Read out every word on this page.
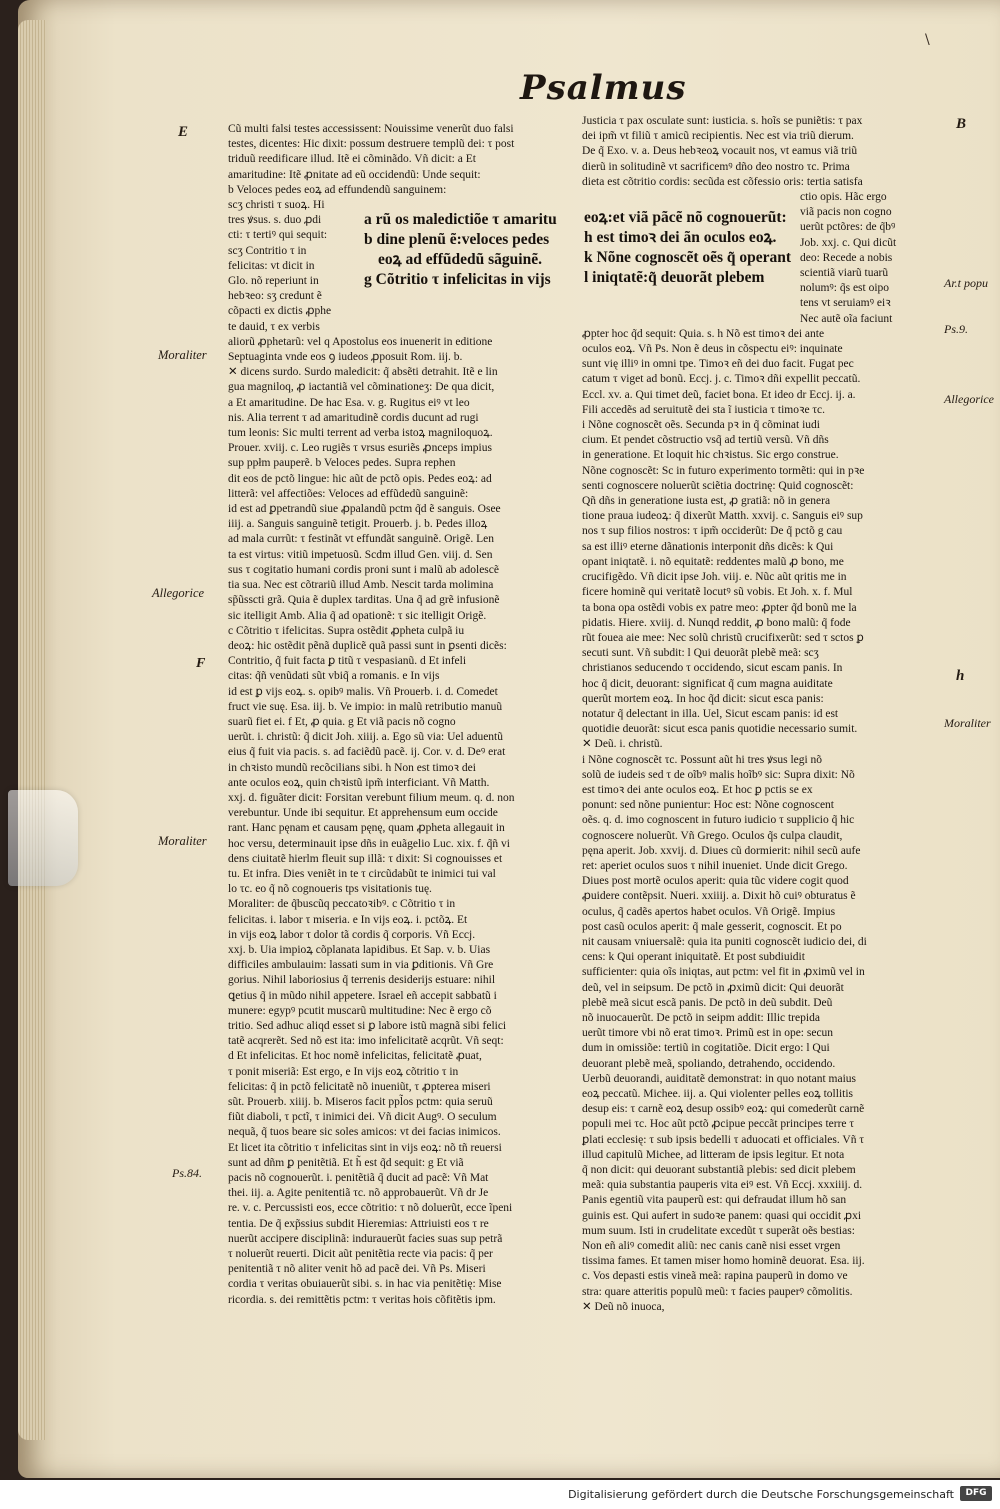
\
Psalmus
E
Moraliter
Allegorice
F
Moraliter
Ps.84.
B
Ar.t popu
Ps.9.
Allegorice
h
Moraliter
a rũ os maledictiõe τ amaritu
b dine plenũ ẽ:veloces pedes
eoꝝ ad effũdedũ sãguinẽ.
g Cõtritio τ infelicitas in vijs
eoꝝ:et viã pãcẽ nõ cognouerũt:
h est timoꝛ dei ãn oculos eoꝝ.
k Nõne cognoscẽt oẽs q̃ operant
l iniqtatẽ:q̃ deuorãt plebem
Cũ multi falsi testes accessissent: Nouissime venerũt duo falsi
testes, dicentes: Hic dixit: possum destruere templũ dei: τ post
triduũ reedificare illud. Itẽ ei cõminãdo. Vñ dicit: a Et
amaritudine: Itẽ ꝓnitate ad eũ occidendũ: Unde sequit:
b Veloces pedes eoꝝ ad effundendũ sanguinem:
scʒ christi τ suoꝝ. Hi
tres ꝟsus. s. duo ꝓdi
cti: τ tertiꝰ qui sequit:
scʒ Contritio τ in
felicitas: vt dicit in
Glo. nõ reperiunt in
hebꝛeo: sʒ credunt ẽ
cõpacti ex dictis ꝓphe
te dauid, τ ex verbis
aliorũ ꝓphetarũ: vel q Apostolus eos inuenerit in editione
Septuaginta vnde eos ꝯ iudeos ꝓposuit Rom. iij. b.
✕ dicens surdo. Surdo maledicit: q̃ absẽti detrahit. Itẽ e lin
gua magniloq, ꝓ iactantiã vel cõminationeʒ: De qua dicit,
a Et amaritudine. De hac Esa. v. g. Rugitus eiꝰ vt leo
nis. Alia terrent τ ad amaritudinẽ cordis ducunt ad rugi
tum leonis: Sic multi terrent ad verba istoꝝ magniloquoꝝ.
Prouer. xviij. c. Leo rugiẽs τ vrsus esuriẽs ꝓnceps impius
sup ppłm pauperẽ. b Veloces pedes. Supra rephen
dit eos de pctõ lingue: hic aũt de pctõ opis. Pedes eoꝝ: ad
litterã: vel affectiões: Veloces ad effũdedũ sanguinẽ:
id est ad ꝑpetrandũ siue ꝓpalandũ pctm q̃d ẽ sanguis. Osee
iiij. a. Sanguis sanguinẽ tetigit. Prouerb. j. b. Pedes illoꝝ
ad mala currũt: τ festinãt vt effundãt sanguinẽ. Origẽ. Len
ta est virtus: vitiũ impetuosũ. Scdm illud Gen. viij. d. Sen
sus τ cogitatio humani cordis proni sunt i malũ ab adolescẽ
tia sua. Nec est cõtrariũ illud Amb. Nescit tarda molimina
sp̃ũsscti grã. Quia ẽ duplex tarditas. Una q̃ ad grẽ infusionẽ
sic itelligit Amb. Alia q̃ ad opationẽ: τ sic itelligit Origẽ.
c Cõtritio τ ifelicitas. Supra ostẽdit ꝓpheta culpã iu
deoꝝ: hic ostẽdit pẽnã duplicẽ quã passi sunt in ꝑsenti dicẽs:
Contritio, q̃ fuit facta ꝑ titũ τ vespasianũ. d Et infeli
citas: q̃ñ venũdati sũt vbiq̃ a romanis. e In vijs
id est ꝑ vijs eoꝝ. s. opibꝰ malis. Vñ Prouerb. i. d. Comedet
fruct vie suę. Esa. iij. b. Ve impio: in malũ retributio manuũ
suarũ fiet ei. f Et, ꝓ quia. g Et viã pacis nõ cogno
uerũt. i. christũ: q̃ dicit Joh. xiiij. a. Ego sũ via: Uel aduentũ
eius q̃ fuit via pacis. s. ad faciẽdũ pacẽ. ij. Cor. v. d. Deꝰ erat
in chꝛisto mundũ recõcilians sibi. h Non est timoꝛ dei
ante oculos eoꝝ, quin chꝛistũ ipm̃ interficiant. Vñ Matth.
xxj. d. figuãter dicit: Forsitan verebunt filium meum. q. d. non
verebuntur. Unde ibi sequitur. Et apprehensum eum occide
rant. Hanc pęnam et causam pęnę, quam ꝓpheta allegauit in
hoc versu, determinauit ipse dñs in euãgelio Luc. xix. f. q̃ñ vi
dens ciuitatẽ hierlm fleuit sup illã: τ dixit: Si cognouisses et
tu. Et infra. Dies veniẽt in te τ circũdabũt te inimici tui val
lo τc. eo q̃ nõ cognoueris tps visitationis tuę.
Moraliter: de q̃buscũq peccatoꝛibꝰ. c Cõtritio τ in
felicitas. i. labor τ miseria. e In vijs eoꝝ. i. pctõꝝ. Et
in vijs eoꝝ labor τ dolor tã cordis q̃ corporis. Vñ Eccj.
xxj. b. Uia impioꝝ cõplanata lapidibus. Et Sap. v. b. Uias
difficiles ambulauim: lassati sum in via ꝑditionis. Vñ Gre
gorius. Nihil laboriosius q̃ terrenis desiderijs estuare: nihil
ꝗetius q̃ in mũdo nihil appetere. Israel eñ accepit sabbatũ i
munere: egypꝰ pcutit muscarũ multitudine: Nec ẽ ergo cõ
tritio. Sed adhuc aliqd esset si ꝑ labore istũ magnã sibi felici
tatẽ acqrerẽt. Sed nõ est ita: imo infelicitatẽ acqrũt. Vñ seqt:
d Et infelicitas. Et hoc nomẽ infelicitas, felicitatẽ ꝓuat,
τ ponit miseriã: Est ergo, e In vijs eoꝝ cõtritio τ in
felicitas: q̃ in pctõ felicitatẽ nõ inueniũt, τ ꝓpterea miseri
sũt. Prouerb. xiiij. b. Miseros facit ppl̃os pctm: quia seruũ
fiũt diaboli, τ pctĩ, τ inimici dei. Vñ dicit Augꝰ. O seculum
nequã, q̃ tuos beare sic soles amicos: vt dei facias inimicos.
Et licet ita cõtritio τ infelicitas sint in vijs eoꝝ: nõ tñ reuersi
sunt ad dñm ꝑ penitẽtiã. Et h̃ est q̃d sequit: g Et viã
pacis nõ cognouerũt. i. penitẽtiã q̃ ducit ad pacẽ: Vñ Mat
thei. iij. a. Agite penitentiã τc. nõ approbauerũt. Vñ dr Je
re. v. c. Percussisti eos, ecce cõtritio: τ nõ doluerũt, ecce ĩpeni
tentia. De q̃ exp̃ssius subdit Hieremias: Attriuisti eos τ re
nuerũt accipere disciplinã: indurauerũt facies suas sup petrã
τ noluerũt reuerti. Dicit aũt penitẽtia recte via pacis: q̃ per
penitentiã τ nõ aliter venit hõ ad pacẽ dei. Vñ Ps. Miseri
cordia τ veritas obuiauerũt sibi. s. in hac via penitẽtię: Mise
ricordia. s. dei remittẽtis pctm: τ veritas hois cõfitẽtis ipm.
Justicia τ pax osculate sunt: iusticia. s. hoĩs se puniẽtis: τ pax
dei ipm̃ vt filiũ τ amicũ recipientis. Nec est via triũ dierum.
De q̃ Exo. v. a. Deus hebꝛeoꝝ vocauit nos, vt eamus viã triũ
dierũ in solitudinẽ vt sacrificemꝰ dño deo nostro τc. Prima
dieta est cõtritio cordis: secũda est cõfessio oris: tertia satisfa
ctio opis. Hãc ergo
viã pacis non cogno
uerũt pctõres: de q̃bꝰ
Job. xxj. c. Qui dicũt
deo: Recede a nobis
scientiã viarũ tuarũ
nolumꝰ: q̃s est oipo
tens vt seruiamꝰ eiꝛ
Nec autẽ oĩa faciunt
ꝓpter hoc q̃d sequit: Quia. s. h Nõ est timoꝛ dei ante
oculos eoꝝ. Vñ Ps. Non ẽ deus in cõspectu eiꝰ: inquinate
sunt vię illiꝰ in omni tpe. Timoꝛ eñ dei duo facit. Fugat pec
catum τ viget ad bonũ. Eccj. j. c. Timoꝛ dñi expellit peccatũ.
Eccl. xv. a. Qui timet deũ, faciet bona. Et ideo dr Eccj. ij. a.
Fili accedẽs ad seruitutẽ dei sta ĩ iusticia τ timoꝛe τc.
i Nõne cognoscẽt oẽs. Secunda pꝛ in q̃ cõminat iudi
cium. Et pendet cõstructio vsq̃ ad tertiũ versũ. Vñ dñs
in generatione. Et loquit hic chꝛistus. Sic ergo construe.
Nõne cognoscẽt: Sc in futuro experimento tormẽti: qui in pꝛe
senti cognoscere noluerũt sciẽtia doctrinę: Quid cognoscẽt:
Qñ dñs in generatione iusta est, ꝓ gratiã: nõ in genera
tione praua iudeoꝝ: q̃ dixerũt Matth. xxvij. c. Sanguis eiꝰ sup
nos τ sup filios nostros: τ ipm̃ occiderũt: De q̃ pctõ g cau
sa est illiꝰ eterne dãnationis interponit dñs dicẽs: k Qui
opant iniqtatẽ. i. nõ equitatẽ: reddentes malũ ꝓ bono, me
crucifigẽdo. Vñ dicit ipse Joh. viij. e. Nũc aũt qritis me in
ficere hominẽ qui veritatẽ locutꝰ sũ vobis. Et Joh. x. f. Mul
ta bona opa ostẽdi vobis ex patre meo: ꝓpter q̃d bonũ me la
pidatis. Hiere. xviij. d. Nunqd reddit, ꝓ bono malũ: q̃ fode
rũt fouea aie mee: Nec solũ christũ crucifixerũt: sed τ sctos ꝑ
secuti sunt. Vñ subdit: l Qui deuorãt plebẽ meã: scʒ
christianos seducendo τ occidendo, sicut escam panis. In
hoc q̃ dicit, deuorant: significat q̃ cum magna auiditate
querũt mortem eoꝝ. In hoc q̃d dicit: sicut esca panis:
notatur q̃ delectant in illa. Uel, Sicut escam panis: id est
quotidie deuorãt: sicut esca panis quotidie necessario sumit.
✕ Deũ. i. christũ.
i Nõne cognoscẽt τc. Possunt aũt hi tres ꝟsus legi nõ
solũ de iudeis sed τ de oĩbꝰ malis hoĩbꝰ sic: Supra dixit: Nõ
est timoꝛ dei ante oculos eoꝝ. Et hoc ꝑ pctis se ex
ponunt: sed nõne punientur: Hoc est: Nõne cognoscent
oẽs. q. d. imo cognoscent in futuro iudicio τ supplicio q̃ hic
cognoscere noluerũt. Vñ Grego. Oculos q̃s culpa claudit,
pęna aperit. Job. xxvij. d. Diues cũ dormierit: nihil secũ aufe
ret: aperiet oculos suos τ nihil inueniet. Unde dicit Grego.
Diues post mortẽ oculos aperit: quia tũc videre cogit quod
ꝓuidere contẽpsit. Nueri. xxiiij. a. Dixit hõ cuiꝰ obturatus ẽ
oculus, q̃ cadẽs apertos habet oculos. Vñ Origẽ. Impius
post casũ oculos aperit: q̃ male gesserit, cognoscit. Et po
nit causam vniuersalẽ: quia ita puniti cognoscẽt iudicio dei, di
cens: k Qui operant iniquitatẽ. Et post subdiuidit
sufficienter: quia oĩs iniqtas, aut pctm: vel fit in ꝓximũ vel in
deũ, vel in seipsum. De pctõ in ꝓximũ dicit: Qui deuorãt
plebẽ meã sicut escã panis. De pctõ in deũ subdit. Deũ
nõ inuocauerũt. De pctõ in seipm addit: Illic trepida
uerũt timore vbi nõ erat timoꝛ. Primũ est in ope: secun
dum in omissiõe: tertiũ in cogitatiõe. Dicit ergo: l Qui
deuorant plebẽ meã, spoliando, detrahendo, occidendo.
Uerbũ deuorandi, auiditatẽ demonstrat: in quo notant maius
eoꝝ peccatũ. Michee. iij. a. Qui violenter pelles eoꝝ tollitis
desup eis: τ carnẽ eoꝝ desup ossibꝰ eoꝝ: qui comederũt carnẽ
populi mei τc. Hoc aũt pctõ ꝓcipue peccãt principes terre τ
ꝑlati ecclesię: τ sub ipsis bedelli τ aduocati et officiales. Vñ τ
illud capitulũ Michee, ad litteram de ipsis legitur. Et nota
q̃ non dicit: qui deuorant substantiã plebis: sed dicit plebem
meã: quia substantia pauperis vita eiꝰ est. Vñ Eccj. xxxiiij. d.
Panis egentiũ vita pauperũ est: qui defraudat illum hõ san
guinis est. Qui aufert in sudoꝛe panem: quasi qui occidit ꝓxi
mum suum. Isti in crudelitate excedũt τ superãt oẽs bestias:
Non eñ aliꝰ comedit aliũ: nec canis canẽ nisi esset vrgen
tissima fames. Et tamen miser homo hominẽ deuorat. Esa. iij.
c. Vos depasti estis vineã meã: rapina pauperũ in domo ve
stra: quare atteritis populũ meũ: τ facies pauperꝰ cõmolitis.
✕ Deũ nõ inuoca,
Digitalisierung gefördert durch die Deutsche Forschungsgemeinschaft	DFG
